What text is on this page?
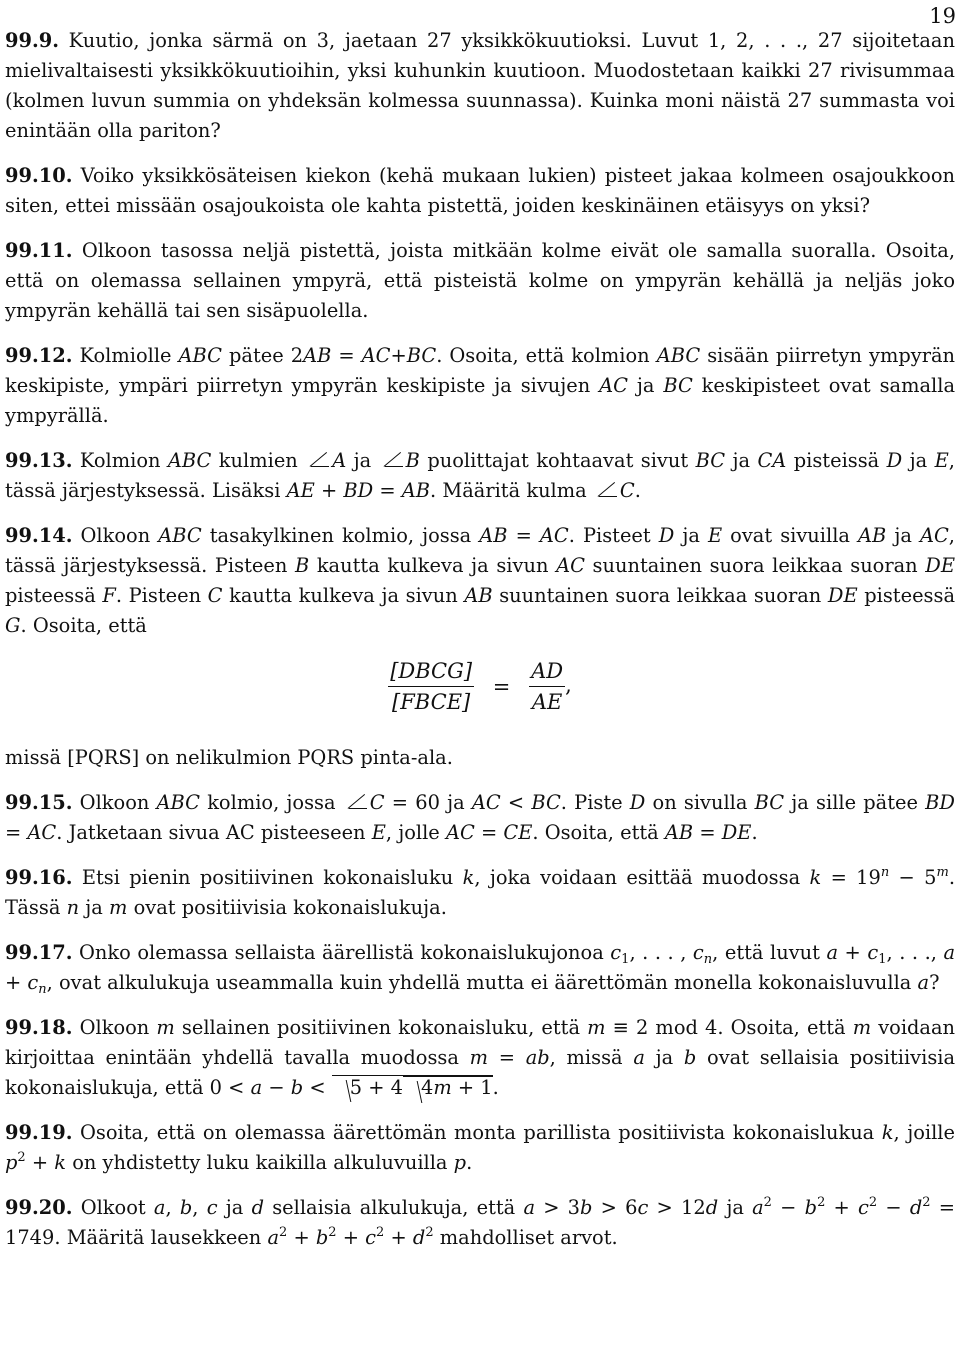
19

99.9. Kuutio, jonka särmä on 3, jaetaan 27 yksikkökuutioksi. Luvut 1, 2, . . ., 27 sijoitetaan mielivaltaisesti yksikkökuutioihin, yksi kuhunkin kuutioon. Muodostetaan kaikki 27 rivisummaa (kolmen luvun summia on yhdeksän kolmessa suunnassa). Kuinka moni näistä 27 summasta voi enintään olla pariton?

99.10. Voiko yksikkösäteisen kiekon (kehä mukaan lukien) pisteet jakaa kolmeen osajoukkoon siten, ettei missään osajoukoista ole kahta pistettä, joiden keskinäinen etäisyys on yksi?

99.11. Olkoon tasossa neljä pistettä, joista mitkään kolme eivät ole samalla suoralla. Osoita, että on olemassa sellainen ympyrä, että pisteistä kolme on ympyrän kehällä ja neljäs joko ympyrän kehällä tai sen sisäpuolella.

99.12. Kolmiolle ABC pätee 2AB = AC+BC. Osoita, että kolmion ABC sisään piirretyn ympyrän keskipiste, ympäri piirretyn ympyrän keskipiste ja sivujen AC ja BC keskipisteet ovat samalla ympyrällä.

99.13. Kolmion ABC kulmien A ja B puolittajat kohtaavat sivut BC ja CA pisteissä D ja E, tässä järjestyksessä. Lisäksi AE + BD = AB. Määritä kulma C.

99.14. Olkoon ABC tasakylkinen kolmio, jossa AB = AC. Pisteet D ja E ovat sivuilla AB ja AC, tässä järjestyksessä. Pisteen B kautta kulkeva ja sivun AC suuntainen suora leikkaa suoran DE pisteessä F. Pisteen C kautta kulkeva ja sivun AB suuntainen suora leikkaa suoran DE pisteessä G. Osoita, että

$\frac{\text{[DBCG]}}{\text{[FBCE]}} = \frac{AD}{AE}$ ,

missä [PQRS] on nelikulmion PQRS pinta-ala.

99.15. Olkoon ABC kolmio, jossa C = 60 ja AC < BC. Piste D on sivulla BC ja sille pätee BD = AC. Jatketaan sivua AC pisteeseen E, jolle AC = CE. Osoita, että AB = DE.

99.16. Etsi pienin positiivinen kokonaisluku k, joka voidaan esittää muodossa $k = 19^n - 5^m$. Tässä n ja m ovat positiivisia kokonaislukuja.

99.17. Onko olemassa sellaista äärellistä kokonaislukujonoa $c_1$, . . . , $c_n$, että luvut $a + c_1$, . . ., $a + c_n$, ovat alkulukuja useammalla kuin yhdellä mutta ei äärettömän monella kokonaisluvulla a?

99.18. Olkoon m sellainen positiivinen kokonaisluku, että m ≡ 2 mod 4. Osoita, että m voidaan kirjoittaa enintään yhdellä tavalla muodossa m = ab, missä a ja b ovat sellaisia positiivisia kokonaislukuja, että 0 < a − b < 5 + 4 4m + 1.

99.19. Osoita, että on olemassa äärettömän monta parillista positiivista kokonaislukua k, joille $p^2 + k$ on yhdistetty luku kaikilla alkuluvuilla p.

99.20. Olkoot a, b, c ja d sellaisia alkulukuja, että a > 3b > 6c > 12d ja $a^2 - b^2 + c^2 - d^2 = 1749$. Määritä lausekkeen $a^2 + b^2 + c^2 + d^2$ mahdolliset arvot.
